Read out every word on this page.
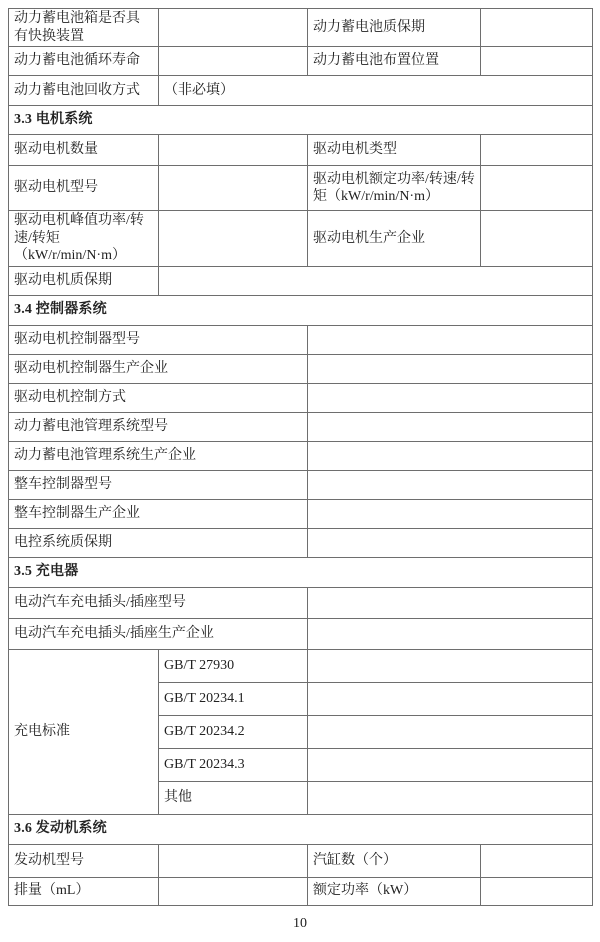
动力蓄电池箱是否具有快换装置		动力蓄电池质保期	
动力蓄电池循环寿命		动力蓄电池布置位置	
动力蓄电池回收方式	（非必填）		
3.3 电机系统			
驱动电机数量		驱动电机类型	
驱动电机型号		驱动电机额定功率/转速/转矩（kW/r/min/N·m）	
驱动电机峰值功率/转速/转矩（kW/r/min/N·m）		驱动电机生产企业	
驱动电机质保期			
3.4 控制器系统			
驱动电机控制器型号			
驱动电机控制器生产企业			
驱动电机控制方式			
动力蓄电池管理系统型号			
动力蓄电池管理系统生产企业			
整车控制器型号			
整车控制器生产企业			
电控系统质保期			
3.5 充电器			
电动汽车充电插头/插座型号			
电动汽车充电插头/插座生产企业			
充电标准	GB/T 27930		
	GB/T 20234.1		
	GB/T 20234.2		
	GB/T 20234.3		
	其他		
3.6 发动机系统			
发动机型号		汽缸数（个）	
排量（mL）		额定功率（kW）	
10
